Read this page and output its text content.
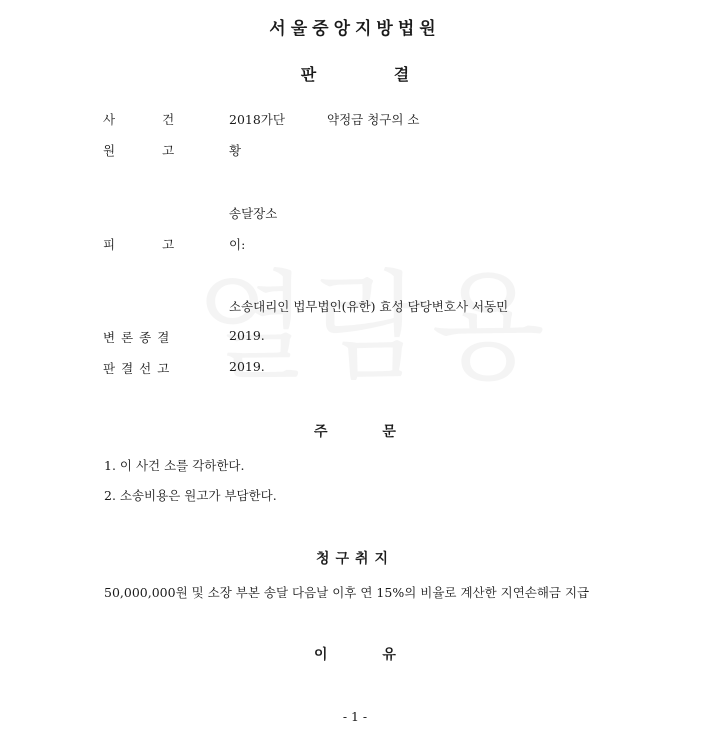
서울중앙지방법원
판 결
사건 2018가단	약정금 청구의 소
원고 황
송달장소
피고 이:
소송대리인 법무법인(유한) 효성 담당변호사 서동민
변론종결	2019.
판결선고	2019.
주 문
1. 이 사건 소를 각하한다.
2. 소송비용은 원고가 부담한다.
청구취지
50,000,000원 및 소장 부본 송달 다음날 이후 연 15%의 비율로 계산한 지연손해금 지급
이 유
- 1 -
